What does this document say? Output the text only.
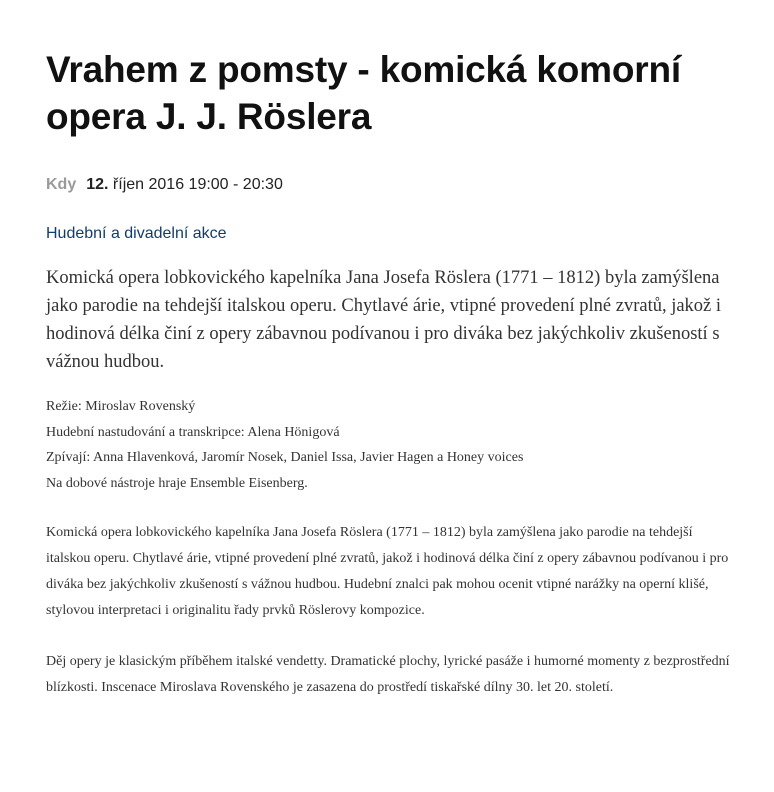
Vrahem z pomsty - komická komorní opera J. J. Röslera
Kdy 12. říjen 2016 19:00 - 20:30
Hudební a divadelní akce
Komická opera lobkovického kapelníka Jana Josefa Röslera (1771 – 1812) byla zamýšlena jako parodie na tehdejší italskou operu. Chytlavé árie, vtipné provedení plné zvratů, jakož i hodinová délka činí z opery zábavnou podívanou i pro diváka bez jakýchkoliv zkušeností s vážnou hudbou.
Režie: Miroslav Rovenský
Hudební nastudování a transkripce: Alena Hönigová
Zpívají: Anna Hlavenková, Jaromír Nosek, Daniel Issa, Javier Hagen a Honey voices
Na dobové nástroje hraje Ensemble Eisenberg.

Komická opera lobkovického kapelníka Jana Josefa Röslera (1771 – 1812) byla zamýšlena jako parodie na tehdejší italskou operu. Chytlavé árie, vtipné provedení plné zvratů, jakož i hodinová délka činí z opery zábavnou podívanou i pro diváka bez jakýchkoliv zkušeností s vážnou hudbou. Hudební znalci pak mohou ocenit vtipné narážky na operní klišé, stylovou interpretaci i originalitu řady prvků Röslerovy kompozice.

Děj opery je klasickým příběhem italské vendetty. Dramatické plochy, lyrické pasáže i humorné momenty z bezprostřední blízkosti. Inscenace Miroslava Rovenského je zasazena do prostředí tiskařské dílny 30. let 20. století.
